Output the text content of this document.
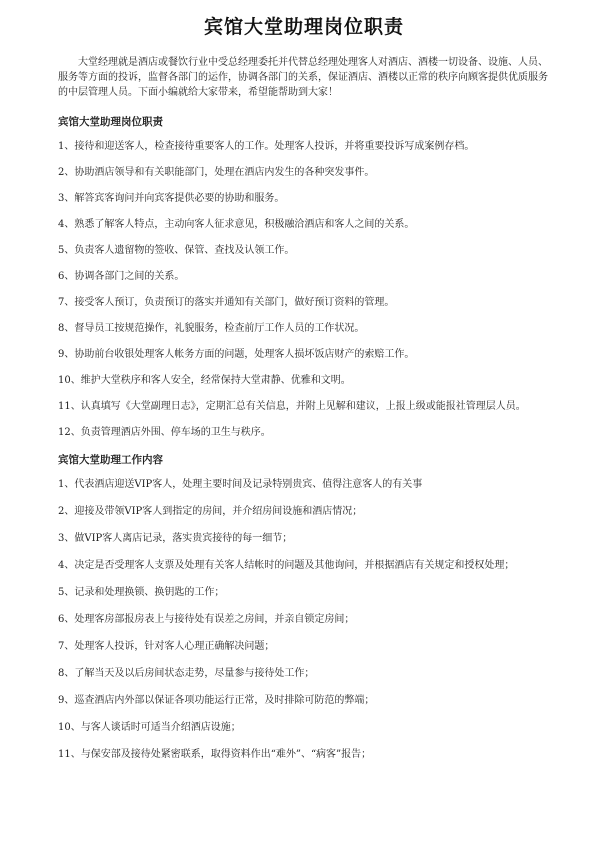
宾馆大堂助理岗位职责

大堂经理就是酒店或餐饮行业中受总经理委托并代替总经理处理客人对酒店、酒楼一切设备、设施、人员、服务等方面的投诉，监督各部门的运作，协调各部门的关系，保证酒店、酒楼以正常的秩序向顾客提供优质服务的中层管理人员。下面小编就给大家带来，希望能帮助到大家！

宾馆大堂助理岗位职责
1、接待和迎送客人，检查接待重要客人的工作。处理客人投诉，并将重要投诉写成案例存档。
2、协助酒店领导和有关职能部门，处理在酒店内发生的各种突发事件。
3、解答宾客询问并向宾客提供必要的协助和服务。
4、熟悉了解客人特点，主动向客人征求意见，积极融洽酒店和客人之间的关系。
5、负责客人遗留物的签收、保管、查找及认领工作。
6、协调各部门之间的关系。
7、接受客人预订，负责预订的落实并通知有关部门，做好预订资料的管理。
8、督导员工按规范操作，礼貌服务，检查前厅工作人员的工作状况。
9、协助前台收银处理客人帐务方面的问题，处理客人损坏饭店财产的索赔工作。
10、维护大堂秩序和客人安全，经常保持大堂肃静、优雅和文明。
11、认真填写《大堂副理日志》，定期汇总有关信息，并附上见解和建议，上报上级或能报社管理层人员。
12、负责管理酒店外围、停车场的卫生与秩序。
宾馆大堂助理工作内容
1、代表酒店迎送VIP客人，处理主要时间及记录特别贵宾、值得注意客人的有关事
2、迎接及带领VIP客人到指定的房间，并介绍房间设施和酒店情况；
3、做VIP客人离店记录，落实贵宾接待的每一细节；
4、决定是否受理客人支票及处理有关客人结帐时的问题及其他询问，并根据酒店有关规定和授权处理；
5、记录和处理换锁、换钥匙的工作；
6、处理客房部报房表上与接待处有误差之房间，并亲自锁定房间；
7、处理客人投诉，针对客人心理正确解决问题；
8、了解当天及以后房间状态走势，尽量参与接待处工作；
9、巡查酒店内外部以保证各项功能运行正常，及时排除可防范的弊端；
10、与客人谈话时可适当介绍酒店设施；
11、与保安部及接待处紧密联系，取得资料作出“难外”、“病客”报告；
